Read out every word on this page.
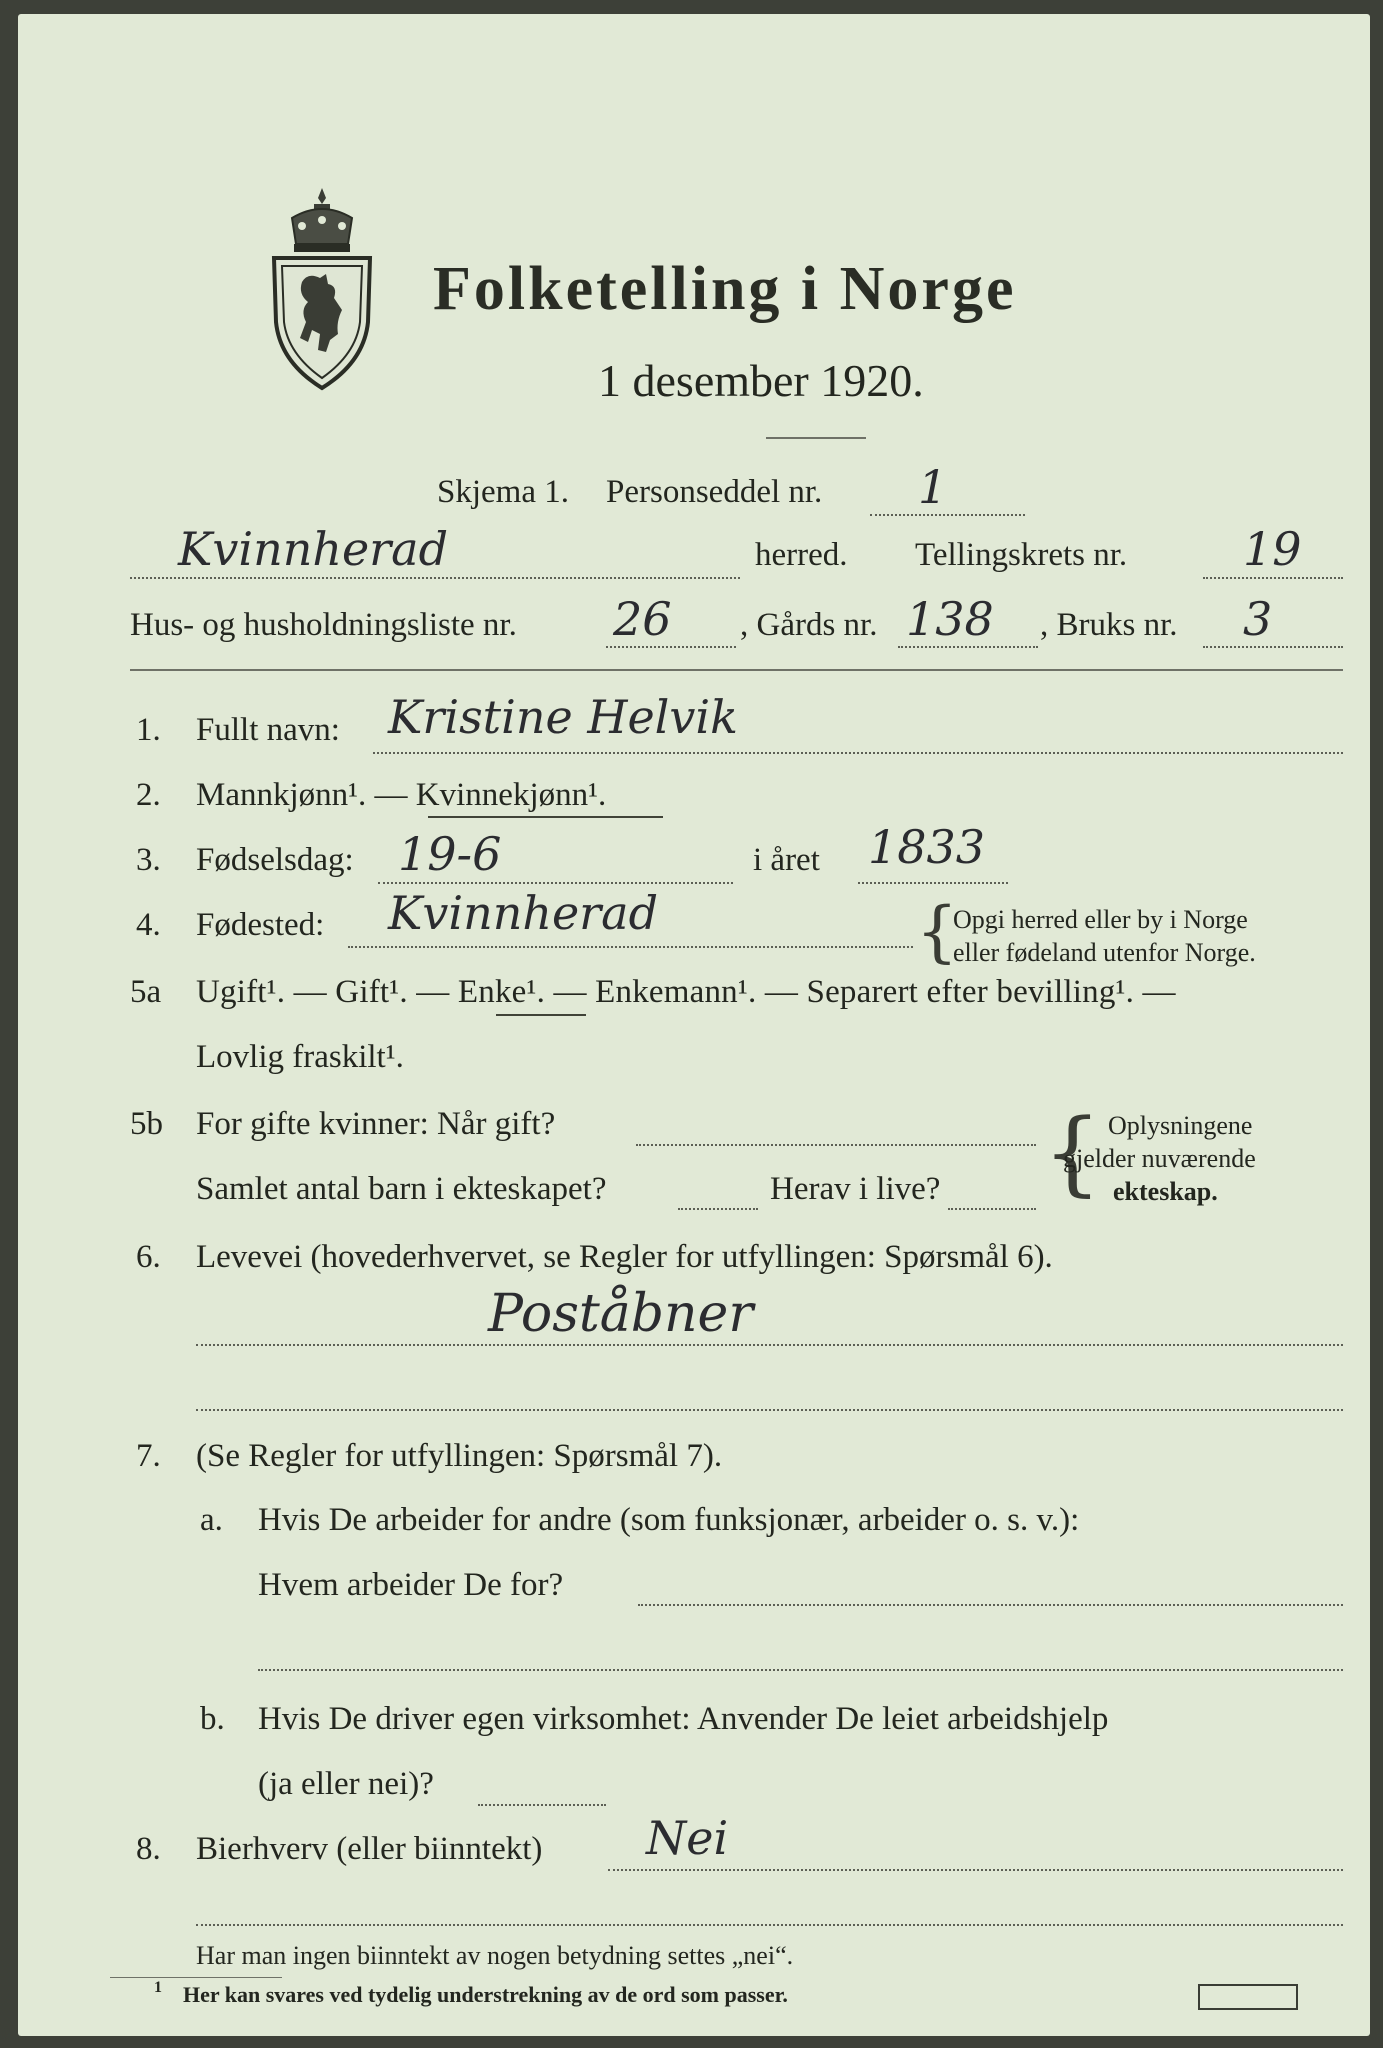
Folketelling i Norge
1 desember 1920.
Skjema 1. Personseddel nr. 1
Kvinnherad	herred. Tellingskrets nr.	19
Hus- og husholdningsliste nr. 26 , Gårds nr. 138 , Bruks nr. 3
1. Fullt navn: Kristine Helvik
2. Mannkjønn¹. — Kvinnekjønn¹.
3. Fødselsdag: 19-6	i året 1833
4. Fødested: Kvinnherad	{
Opgi herred eller by i Norge
eller fødeland utenfor Norge.
5a Ugift¹. — Gift¹. — Enke¹. — Enkemann¹. — Separert efter bevilling¹. —
Lovlig fraskilt¹.
5b For gifte kvinner: Når gift?
Samlet antal barn i ekteskapet?	Herav i live? { Oplysningene
gjelder nuværende
ekteskap.
6. Levevei (hovederhvervet, se Regler for utfyllingen: Spørsmål 6).
Poståbner
7. (Se Regler for utfyllingen: Spørsmål 7).
a. Hvis De arbeider for andre (som funksjonær, arbeider o. s. v.):
Hvem arbeider De for?
b. Hvis De driver egen virksomhet: Anvender De leiet arbeidshjelp
(ja eller nei)?
8. Bierhverv (eller biinntekt) Nei
Har man ingen biinntekt av nogen betydning settes „nei“.
1 Her kan svares ved tydelig understrekning av de ord som passer.
